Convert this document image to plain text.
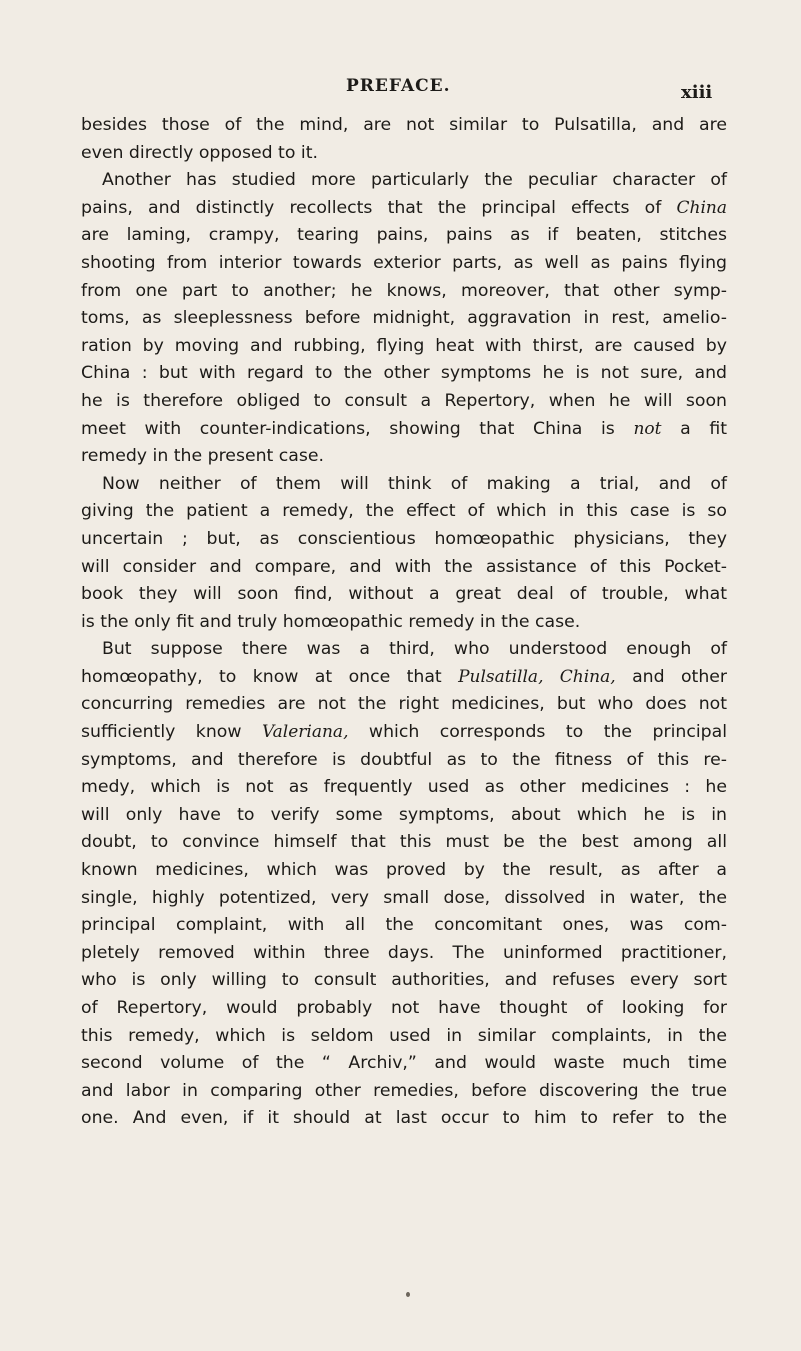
PREFACE.	xiii
besides those of the mind, are not similar to Pulsatilla, and are
even directly opposed to it.
Another has studied more particularly the peculiar character of
pains, and distinctly recollects that the principal effects of China
are laming, crampy, tearing pains, pains as if beaten, stitches
shooting from interior towards exterior parts, as well as pains flying
from one part to another; he knows, moreover, that other symp-
toms, as sleeplessness before midnight, aggravation in rest, amelio-
ration by moving and rubbing, flying heat with thirst, are caused by
China : but with regard to the other symptoms he is not sure, and
he is therefore obliged to consult a Repertory, when he will soon
meet with counter-indications, showing that China is not a fit
remedy in the present case.
Now neither of them will think of making a trial, and of
giving the patient a remedy, the effect of which in this case is so
uncertain ; but, as conscientious homœopathic physicians, they
will consider and compare, and with the assistance of this Pocket-
book they will soon find, without a great deal of trouble, what
is the only fit and truly homœopathic remedy in the case.
But suppose there was a third, who understood enough of
homœopathy, to know at once that Pulsatilla, China, and other
concurring remedies are not the right medicines, but who does not
sufficiently know Valeriana, which corresponds to the principal
symptoms, and therefore is doubtful as to the fitness of this re-
medy, which is not as frequently used as other medicines : he
will only have to verify some symptoms, about which he is in
doubt, to convince himself that this must be the best among all
known medicines, which was proved by the result, as after a
single, highly potentized, very small dose, dissolved in water, the
principal complaint, with all the concomitant ones, was com-
pletely removed within three days. The uninformed practitioner,
who is only willing to consult authorities, and refuses every sort
of Repertory, would probably not have thought of looking for
this remedy, which is seldom used in similar complaints, in the
second volume of the “ Archiv,” and would waste much time
and labor in comparing other remedies, before discovering the true
one. And even, if it should at last occur to him to refer to the
